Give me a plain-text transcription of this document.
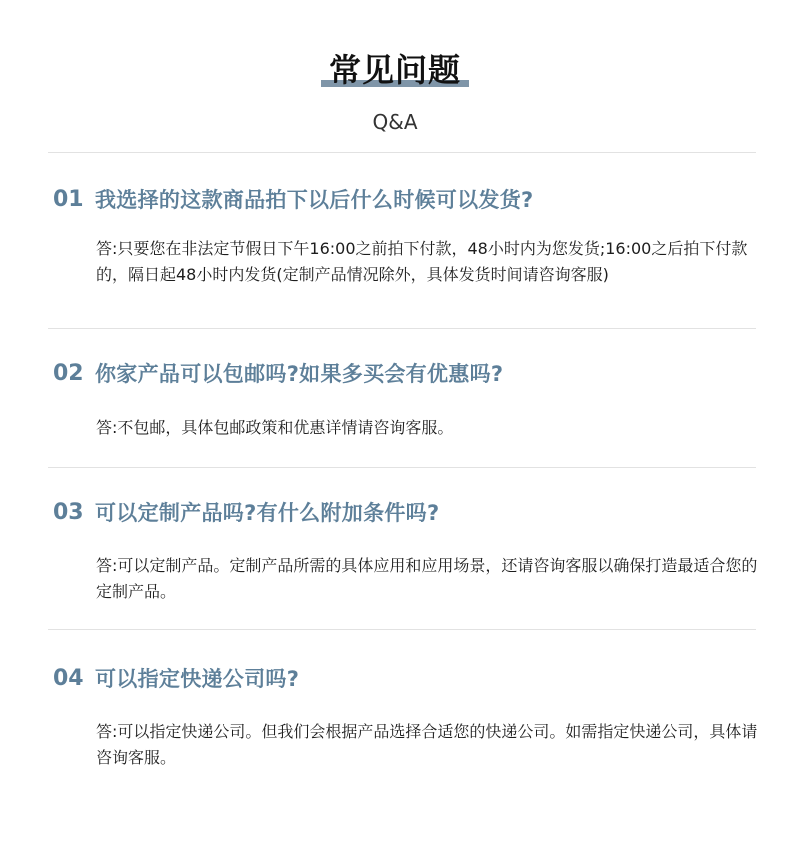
常见问题
Q&A
01 我选择的这款商品拍下以后什么时候可以发货?
答:只要您在非法定节假日下午16:00之前拍下付款，48小时内为您发货;16:00之后拍下付款的，隔日起48小时内发货(定制产品情况除外，具体发货时间请咨询客服)
02 你家产品可以包邮吗?如果多买会有优惠吗?
答:不包邮，具体包邮政策和优惠详情请咨询客服。
03 可以定制产品吗?有什么附加条件吗?
答:可以定制产品。定制产品所需的具体应用和应用场景，还请咨询客服以确保打造最适合您的定制产品。
04 可以指定快递公司吗?
答:可以指定快递公司。但我们会根据产品选择合适您的快递公司。如需指定快递公司，具体请咨询客服。
